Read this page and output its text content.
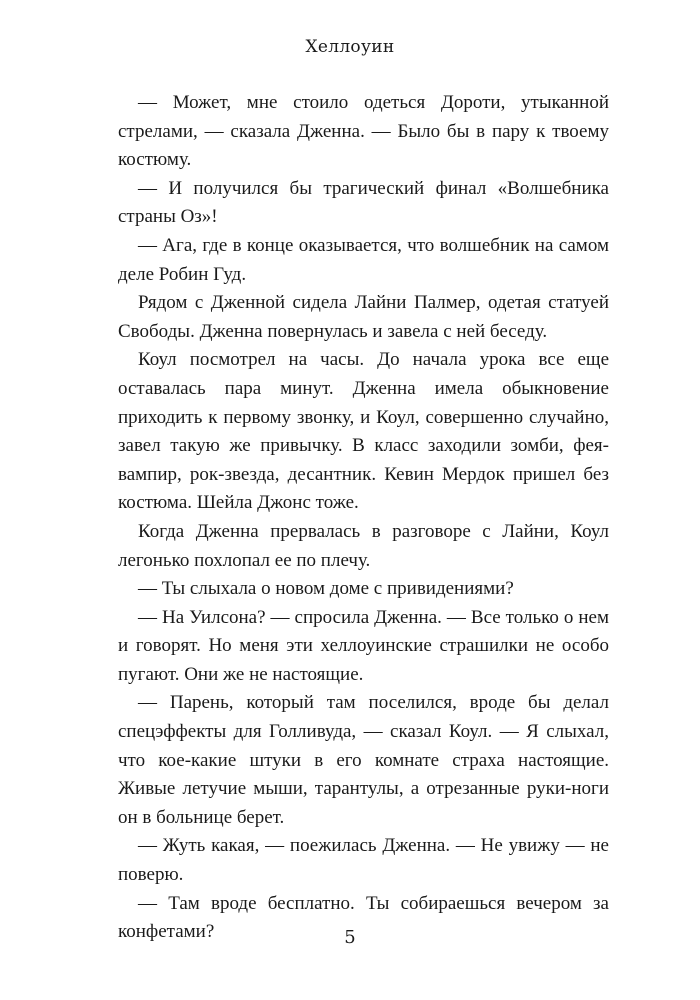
Хеллоуин

— Может, мне стоило одеться Дороти, утыканной стрелами, — сказала Дженна. — Было бы в пару к твоему костюму.

— И получился бы трагический финал «Волшебника страны Оз»!

— Ага, где в конце оказывается, что волшебник на самом деле Робин Гуд.

Рядом с Дженной сидела Лайни Палмер, одетая статуей Свободы. Дженна повернулась и завела с ней беседу.

Коул посмотрел на часы. До начала урока все еще оставалась пара минут. Дженна имела обыкновение приходить к первому звонку, и Коул, совершенно случайно, завел такую же привычку. В класс заходили зомби, фея-вампир, рок-звезда, десантник. Кевин Мердок пришел без костюма. Шейла Джонс тоже.

Когда Дженна прервалась в разговоре с Лайни, Коул легонько похлопал ее по плечу.

— Ты слыхала о новом доме с привидениями?

— На Уилсона? — спросила Дженна. — Все только о нем и говорят. Но меня эти хеллоуинские страшилки не особо пугают. Они же не настоящие.

— Парень, который там поселился, вроде бы делал спецэффекты для Голливуда, — сказал Коул. — Я слыхал, что кое-какие штуки в его комнате страха настоящие. Живые летучие мыши, тарантулы, а отрезанные руки-ноги он в больнице берет.

— Жуть какая, — поежилась Дженна. — Не увижу — не поверю.

— Там вроде бесплатно. Ты собираешься вечером за конфетами?	5
